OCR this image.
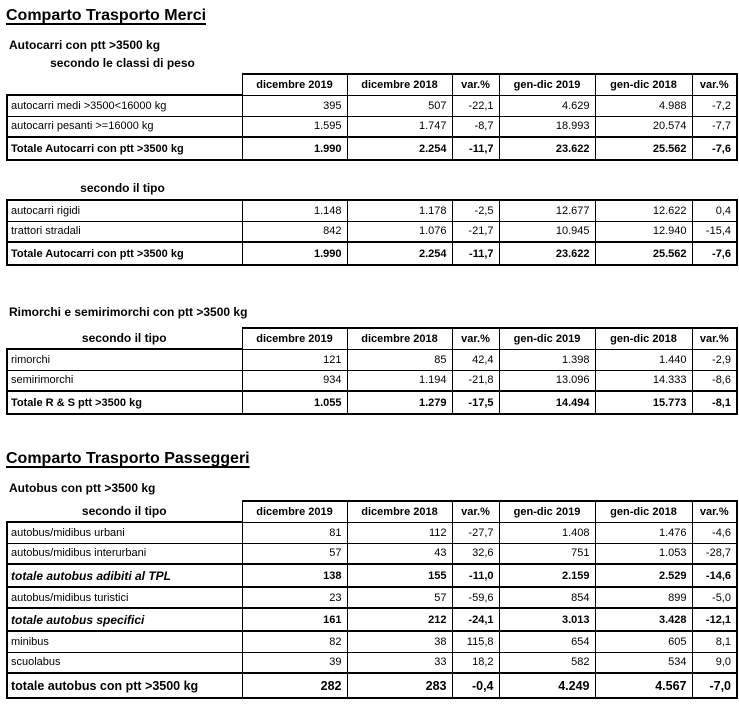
Comparto Trasporto Merci
Autocarri con ptt >3500 kg
secondo le classi di peso
	dicembre 2019	dicembre 2018	var.%	gen-dic 2019	gen-dic 2018	var.%
autocarri medi >3500<16000 kg	395	507	-22,1	4.629	4.988	-7,2
autocarri pesanti >=16000 kg	1.595	1.747	-8,7	18.993	20.574	-7,7
Totale Autocarri con ptt >3500 kg	1.990	2.254	-11,7	23.622	25.562	-7,6
secondo il tipo
autocarri rigidi	1.148	1.178	-2,5	12.677	12.622	0,4
trattori stradali	842	1.076	-21,7	10.945	12.940	-15,4
Totale Autocarri con ptt >3500 kg	1.990	2.254	-11,7	23.622	25.562	-7,6
Rimorchi e semirimorchi con ptt >3500 kg
secondo il tipo	dicembre 2019	dicembre 2018	var.%	gen-dic 2019	gen-dic 2018	var.%
rimorchi	121	85	42,4	1.398	1.440	-2,9
semirimorchi	934	1.194	-21,8	13.096	14.333	-8,6
Totale R & S ptt >3500 kg	1.055	1.279	-17,5	14.494	15.773	-8,1
Comparto Trasporto Passeggeri
Autobus con ptt >3500 kg
secondo il tipo	dicembre 2019	dicembre 2018	var.%	gen-dic 2019	gen-dic 2018	var.%
autobus/midibus urbani	81	112	-27,7	1.408	1.476	-4,6
autobus/midibus interurbani	57	43	32,6	751	1.053	-28,7
totale autobus adibiti al TPL	138	155	-11,0	2.159	2.529	-14,6
autobus/midibus turistici	23	57	-59,6	854	899	-5,0
totale autobus specifici	161	212	-24,1	3.013	3.428	-12,1
minibus	82	38	115,8	654	605	8,1
scuolabus	39	33	18,2	582	534	9,0
totale autobus con ptt >3500 kg	282	283	-0,4	4.249	4.567	-7,0
